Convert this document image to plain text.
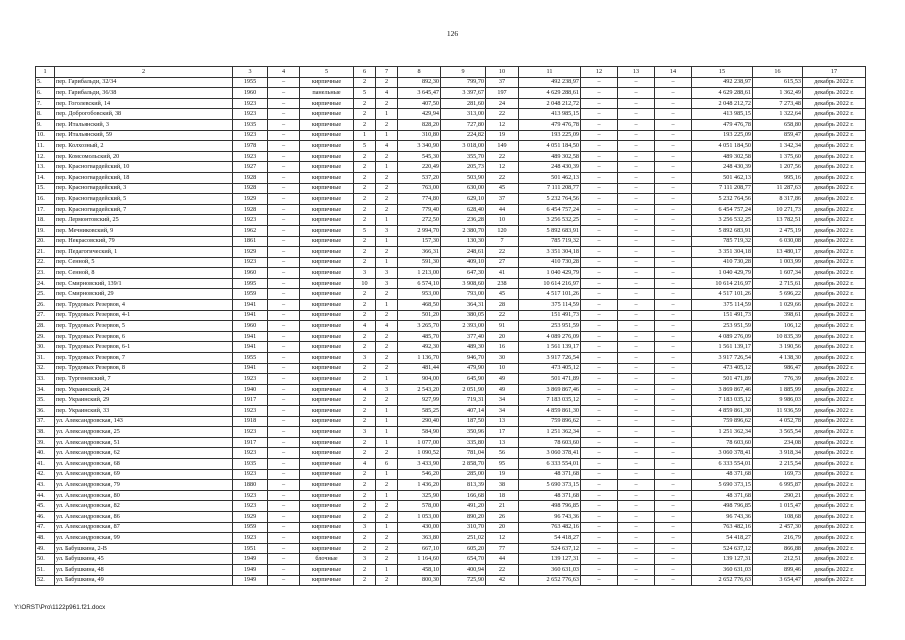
126
1	2	3	4	5	6	7	8	9	10	11	12	13	14	15	16	17
5.	пер. Гарибальди, 32/34	1955	–	кирпичные	2	2	892,30	799,70	37	492 238,97	–	–	–	492 238,97	615,53	декабрь 2022 г.
6.	пер. Гарибальди, 36/38	1960	–	панельные	5	4	3 645,47	3 397,67	197	4 629 288,61	–	–	–	4 629 288,61	1 362,49	декабрь 2022 г.
7.	пер. Гоголевский, 14	1923	–	кирпичные	2	2	407,50	281,60	24	2 048 212,72	–	–	–	2 048 212,72	7 273,48	декабрь 2022 г.
8.	пер. Доброгобовский, 38	1923	–	кирпичные	2	1	429,94	313,00	22	413 985,15	–	–	–	413 985,15	1 322,64	декабрь 2022 г.
9.	пер. Итальянский, 3	1935	–	кирпичные	2	2	828,20	727,80	12	479 476,78	–	–	–	479 476,78	658,80	декабрь 2022 г.
10.	пер. Итальянский, 59	1923	–	кирпичные	1	1	310,80	224,82	19	193 225,09	–	–	–	193 225,09	859,47	декабрь 2022 г.
11.	пер. Колхозный, 2	1978	–	кирпичные	5	4	3 340,90	3 018,00	149	4 051 184,50	–	–	–	4 051 184,50	1 342,34	декабрь 2022 г.
12.	пер. Комсомольский, 20	1923	–	кирпичные	2	2	545,30	355,70	22	489 302,58	–	–	–	489 302,58	1 375,60	декабрь 2022 г.
13.	пер. Красногвардейский, 10	1927	–	кирпичные	2	1	220,49	205,73	12	248 430,39	–	–	–	248 430,39	1 207,56	декабрь 2022 г.
14.	пер. Красногвардейский, 18	1928	–	кирпичные	2	2	537,20	503,90	22	501 462,13	–	–	–	501 462,13	995,16	декабрь 2022 г.
15.	пер. Красногвардейский, 3	1928	–	кирпичные	2	2	763,00	630,00	45	7 111 208,77	–	–	–	7 111 208,77	11 287,63	декабрь 2022 г.
16.	пер. Красногвардейский, 5	1929	–	кирпичные	2	2	774,80	629,10	37	5 232 764,56	–	–	–	5 232 764,56	8 317,86	декабрь 2022 г.
17.	пер. Красногвардейский, 7	1928	–	кирпичные	2	2	779,40	628,40	44	6 454 757,24	–	–	–	6 454 757,24	10 271,73	декабрь 2022 г.
18.	пер. Лермонтовский, 25	1923	–	кирпичные	2	1	272,50	236,28	10	3 256 532,25	–	–	–	3 256 532,25	13 782,51	декабрь 2022 г.
19.	пер. Мечниковский, 9	1962	–	кирпичные	5	3	2 994,70	2 380,70	120	5 892 683,91	–	–	–	5 892 683,91	2 475,19	декабрь 2022 г.
20.	пер. Некрасовский, 79	1861	–	кирпичные	2	1	157,30	130,30	7	785 719,32	–	–	–	785 719,32	6 030,08	декабрь 2022 г.
21.	пер. Педагогический, 1	1929	–	кирпичные	2	2	366,31	248,61	22	3 351 304,18	–	–	–	3 351 304,18	13 480,17	декабрь 2022 г.
22.	пер. Сенной, 5	1923	–	кирпичные	2	1	591,30	409,10	27	410 730,28	–	–	–	410 730,28	1 003,99	декабрь 2022 г.
23.	пер. Сенной, 8	1960	–	кирпичные	3	3	1 213,00	647,30	41	1 040 429,79	–	–	–	1 040 429,79	1 607,34	декабрь 2022 г.
24.	пер. Смирновский, 139/1	1995	–	кирпичные	10	3	6 574,10	3 908,60	238	10 614 216,97	–	–	–	10 614 216,97	2 715,61	декабрь 2022 г.
25.	пер. Смирновский, 29	1959	–	кирпичные	2	2	953,00	793,00	45	4 517 101,26	–	–	–	4 517 101,26	5 696,22	декабрь 2022 г.
26.	пер. Трудовых Резервов, 4	1941	–	кирпичные	2	1	468,50	364,31	28	375 114,59	–	–	–	375 114,59	1 029,66	декабрь 2022 г.
27.	пер. Трудовых Резервов, 4-1	1941	–	кирпичные	2	2	501,20	380,05	22	151 491,73	–	–	–	151 491,73	398,61	декабрь 2022 г.
28.	пер. Трудовых Резервов, 5	1960	–	кирпичные	4	4	3 265,70	2 393,00	91	253 951,59	–	–	–	253 951,59	106,12	декабрь 2022 г.
29.	пер. Трудовых Резервов, 6	1941	–	кирпичные	2	2	485,70	377,40	20	4 089 276,09	–	–	–	4 089 276,09	10 835,39	декабрь 2022 г.
30.	пер. Трудовых Резервов, 6-1	1941	–	кирпичные	2	2	492,30	489,30	16	1 561 139,17	–	–	–	1 561 139,17	3 190,56	декабрь 2022 г.
31.	пер. Трудовых Резервов, 7	1955	–	кирпичные	3	2	1 136,70	946,70	30	3 917 726,54	–	–	–	3 917 726,54	4 138,30	декабрь 2022 г.
32.	пер. Трудовых Резервов, 8	1941	–	кирпичные	2	2	481,44	479,90	10	473 405,12	–	–	–	473 405,12	986,47	декабрь 2022 г.
33.	пер. Тургеневский, 7	1923	–	кирпичные	2	1	904,00	645,90	49	501 471,89	–	–	–	501 471,89	776,39	декабрь 2022 г.
34.	пер. Украинский, 24	1940	–	кирпичные	4	3	2 543,20	2 051,90	49	3 869 867,46	–	–	–	3 869 867,46	1 885,99	декабрь 2022 г.
35.	пер. Украинский, 29	1917	–	кирпичные	2	2	927,99	719,31	34	7 183 035,12	–	–	–	7 183 035,12	9 986,03	декабрь 2022 г.
36.	пер. Украинский, 33	1923	–	кирпичные	2	1	585,25	407,14	34	4 859 861,30	–	–	–	4 859 861,30	11 936,59	декабрь 2022 г.
37.	ул. Александровская, 143	1918	–	кирпичные	2	1	290,40	187,50	13	759 896,62	–	–	–	759 896,62	4 052,78	декабрь 2022 г.
38.	ул. Александровская, 25	1923	–	кирпичные	3	1	584,90	350,96	17	1 251 362,34	–	–	–	1 251 362,34	3 565,54	декабрь 2022 г.
39.	ул. Александровская, 51	1917	–	кирпичные	2	1	1 077,00	335,80	13	78 603,60	–	–	–	78 603,60	234,08	декабрь 2022 г.
40.	ул. Александровская, 62	1923	–	кирпичные	2	2	1 090,52	781,04	56	3 060 378,41	–	–	–	3 060 378,41	3 918,34	декабрь 2022 г.
41.	ул. Александровская, 68	1935	–	кирпичные	4	6	3 433,90	2 858,70	95	6 333 554,01	–	–	–	6 333 554,01	2 215,54	декабрь 2022 г.
42.	ул. Александровская, 69	1923	–	кирпичные	2	1	546,20	285,00	19	48 371,68	–	–	–	48 371,68	169,73	декабрь 2022 г.
43.	ул. Александровская, 79	1880	–	кирпичные	2	2	1 436,20	813,39	38	5 690 373,15	–	–	–	5 690 373,15	6 995,87	декабрь 2022 г.
44.	ул. Александровская, 80	1923	–	кирпичные	2	1	325,90	166,68	18	48 371,68	–	–	–	48 371,68	290,21	декабрь 2022 г.
45.	ул. Александровская, 82	1923	–	кирпичные	2	2	578,00	491,20	21	498 796,85	–	–	–	498 796,85	1 015,47	декабрь 2022 г.
46.	ул. Александровская, 86	1929	–	кирпичные	2	2	1 053,00	890,20	26	96 743,36	–	–	–	96 743,36	108,68	декабрь 2022 г.
47.	ул. Александровская, 87	1959	–	кирпичные	3	1	430,00	310,70	20	763 482,16	–	–	–	763 482,16	2 457,30	декабрь 2022 г.
48.	ул. Александровская, 99	1923	–	кирпичные	2	2	363,80	251,02	12	54 418,27	–	–	–	54 418,27	216,79	декабрь 2022 г.
49.	ул. Бабушкина, 2-В	1951	–	кирпичные	2	2	667,10	605,20	77	524 637,12	–	–	–	524 637,12	866,88	декабрь 2022 г.
50.	ул. Бабушкина, 45	1949	–	блочные	3	2	1 164,60	654,70	44	139 127,31	–	–	–	139 127,31	212,51	декабрь 2022 г.
51.	ул. Бабушкина, 48	1949	–	кирпичные	2	1	458,10	400,94	22	360 631,03	–	–	–	360 631,03	899,46	декабрь 2022 г.
52.	ул. Бабушкина, 49	1949	–	кирпичные	2	2	800,30	725,90	42	2 652 776,63	–	–	–	2 652 776,63	3 654,47	декабрь 2022 г.
Y:\ORST\Pro\1122p961.f21.docx
